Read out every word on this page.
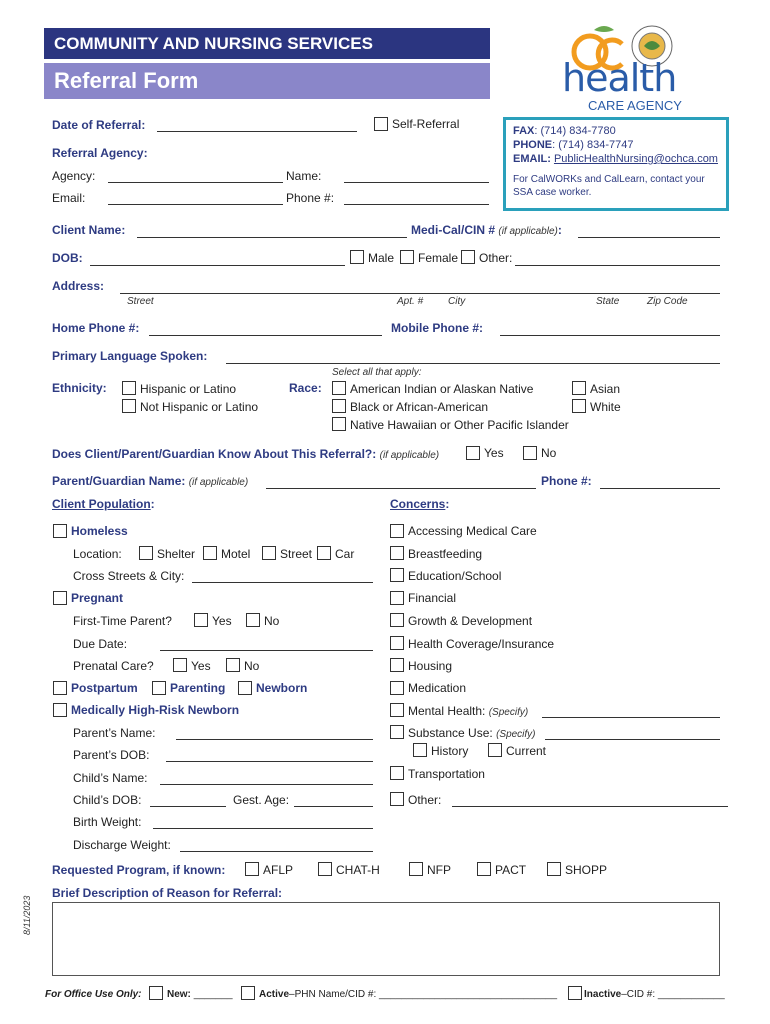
COMMUNITY AND NURSING SERVICES
Referral Form	health
CARE AGENCY
FAX: (714) 834-7780
PHONE: (714) 834-7747
EMAIL: PublicHealthNursing@ochca.com
For CalWORKs and CalLearn, contact your SSA case worker.
Date of Referral:	Self-Referral
Referral Agency:
Agency:	Name:
Email:	Phone #:
Client Name:	Medi-Cal/CIN # (if applicable):
DOB:	Male Female Other:
Address:
Street	Apt. # City	State	Zip Code
Home Phone #:	Mobile Phone #:
Primary Language Spoken:
Select all that apply:
Ethnicity:	Hispanic or Latino
Not Hispanic or Latino
Race: American Indian or Alaskan Native
Black or African-American
Native Hawaiian or Other Pacific Islander
Asian
White
Does Client/Parent/Guardian Know About This Referral?: (if applicable)	Yes	No
Parent/Guardian Name: (if applicable)	Phone #:
Client Population:	Concerns:
Homeless
Location:	Shelter Motel Street Car
Cross Streets & City:
Pregnant
First-Time Parent?	Yes	No
Due Date:
Prenatal Care?	Yes	No
Postpartum	Parenting	Newborn
Medically High-Risk Newborn
Parent’s Name:
Parent’s DOB:
Child’s Name:
Child’s DOB:	Gest. Age:
Birth Weight:
Discharge Weight:
Accessing Medical Care
Breastfeeding
Education/School
Financial
Growth & Development
Health Coverage/Insurance
Housing
Medication
Mental Health: (Specify)
Substance Use: (Specify)
History	Current
Transportation
Other:
Requested Program, if known:	AFLP	CHAT-H	NFP	PACT	SHOPP
Brief Description of Reason for Referral:
8/11/2023
For Office Use Only:	New: _______	Active–PHN Name/CID #: ________________________________	Inactive–CID #: ____________
